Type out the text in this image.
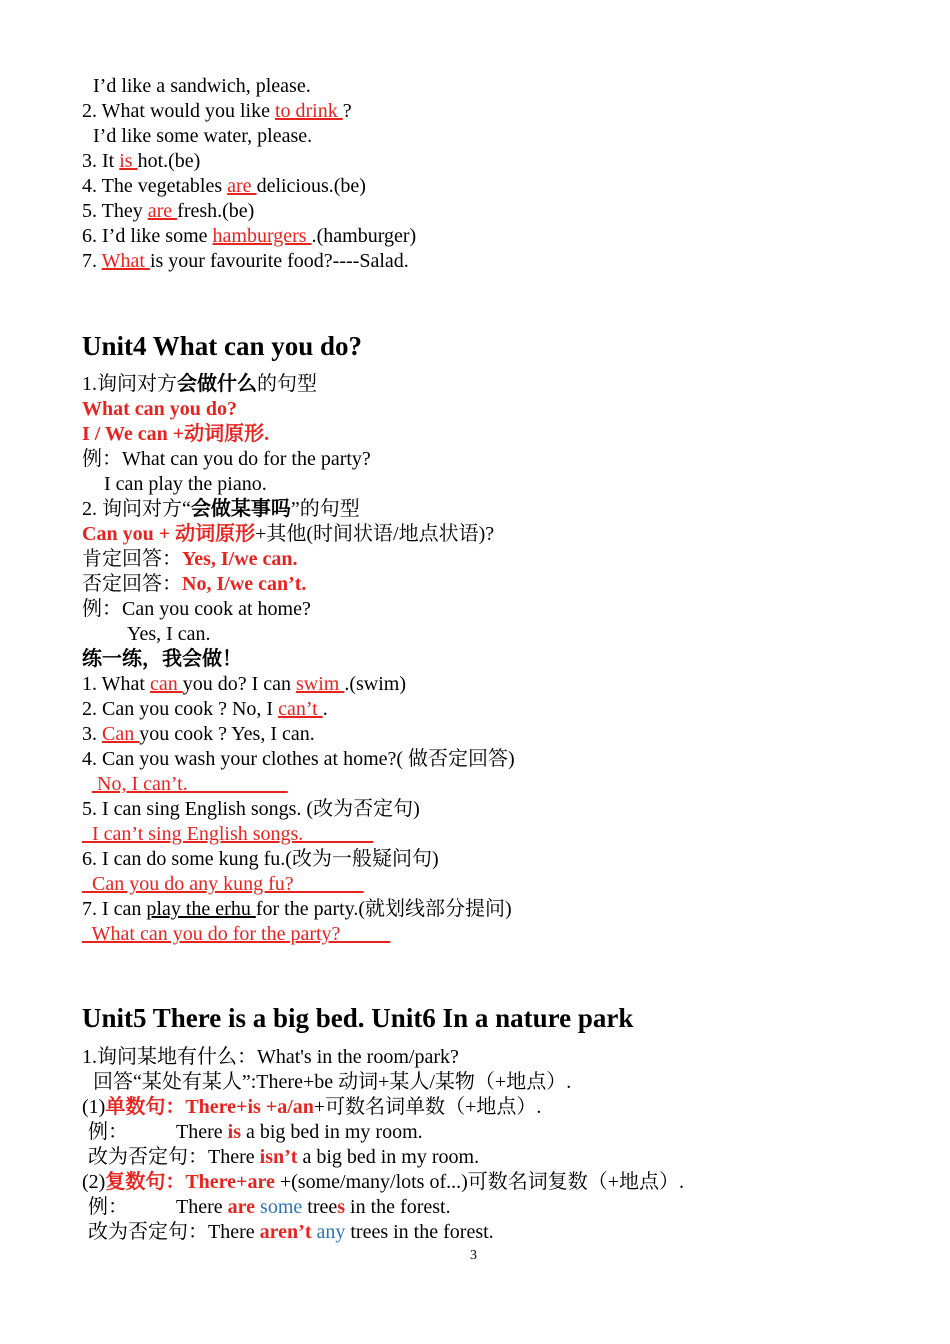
I’d like a sandwich, please.
2. What would you like to drink ?
I’d like some water, please.
3. It is hot.(be)
4. The vegetables are delicious.(be)
5. They are fresh.(be)
6. I’d like some hamburgers .(hamburger)
7. What is your favourite food?----Salad.
Unit4 What can you do?
1.询问对方会做什么的句型
What can you do?
I / We can +动词原形.
例：What can you do for the party?
I can play the piano.
2. 询问对方“会做某事吗”的句型
Can you + 动词原形+其他(时间状语/地点状语)?
肯定回答：Yes, I/we can.
否定回答：No, I/we can’t.
例：Can you cook at home?
Yes, I can.
练一练，我会做！
1. What can you do? I can swim .(swim)
2. Can you cook ? No, I can’t .
3. Can you cook ? Yes, I can.
4. Can you wash your clothes at home?( 做否定回答)
No, I can’t.
5. I can sing English songs. (改为否定句)
I can’t sing English songs.
6. I can do some kung fu.(改为一般疑问句)
Can you do any kung fu?
7. I can play the erhu for the party.(就划线部分提问)
What can you do for the party?
Unit5 There is a big bed. Unit6 In a nature park
1.询问某地有什么：What's in the room/park?
回答“某处有某人”:There+be 动词+某人/某物（+地点）.
(1)单数句：There+is +a/an+可数名词单数（+地点）.
例： There is a big bed in my room.
改为否定句：There isn’t a big bed in my room.
(2)复数句：There+are +(some/many/lots of...)可数名词复数（+地点）.
例： There are some trees in the forest.
改为否定句：There aren’t any trees in the forest.
3
